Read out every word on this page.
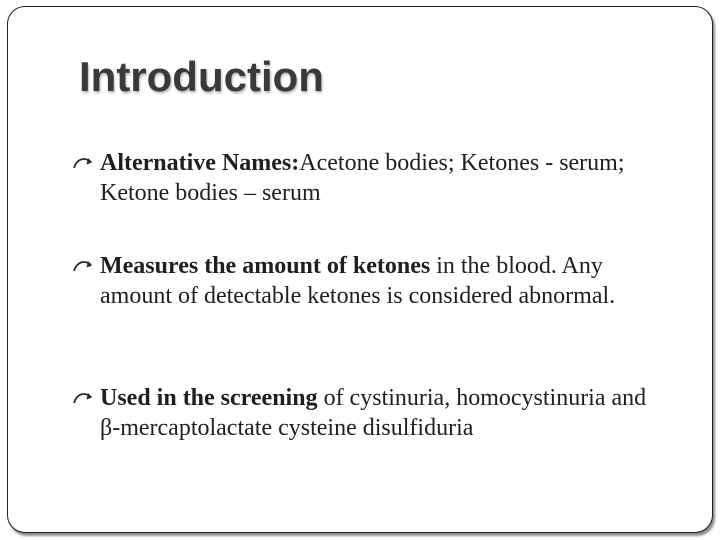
Introduction
Alternative Names:Acetone bodies; Ketones - serum; Ketone bodies – serum
Measures the amount of ketones in the blood. Any amount of detectable ketones is considered abnormal.
Used in the screening of cystinuria, homocystinuria and β-mercaptolactate cysteine disulfiduria
